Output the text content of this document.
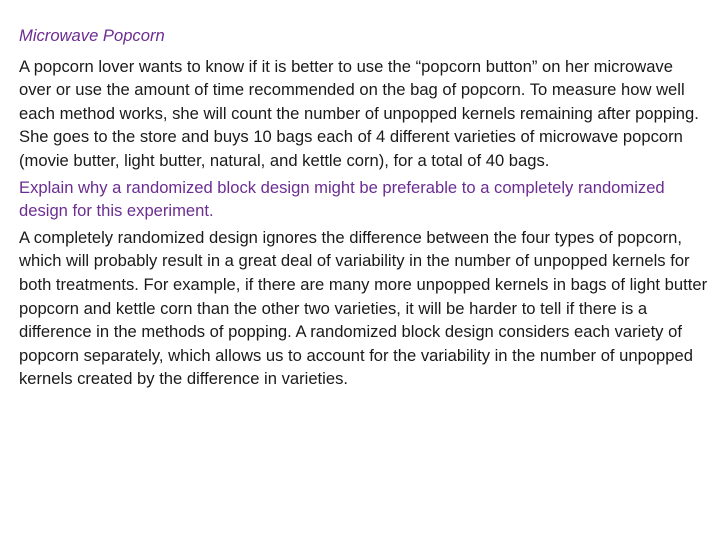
Microwave Popcorn
A popcorn lover wants to know if it is better to use the “popcorn button” on her microwave over or use the amount of time recommended on the bag of popcorn. To measure how well each method works, she will count the number of unpopped kernels remaining after popping. She goes to the store and buys 10 bags each of 4 different varieties of microwave popcorn (movie butter, light butter, natural, and kettle corn), for a total of 40 bags.
Explain why a randomized block design might be preferable to a completely randomized design for this experiment.
A completely randomized design ignores the difference between the four types of popcorn, which will probably result in a great deal of variability in the number of unpopped kernels for both treatments. For example, if there are many more unpopped kernels in bags of light butter popcorn and kettle corn than the other two varieties, it will be harder to tell if there is a difference in the methods of popping. A randomized block design considers each variety of popcorn separately, which allows us to account for the variability in the number of unpopped kernels created by the difference in varieties.
